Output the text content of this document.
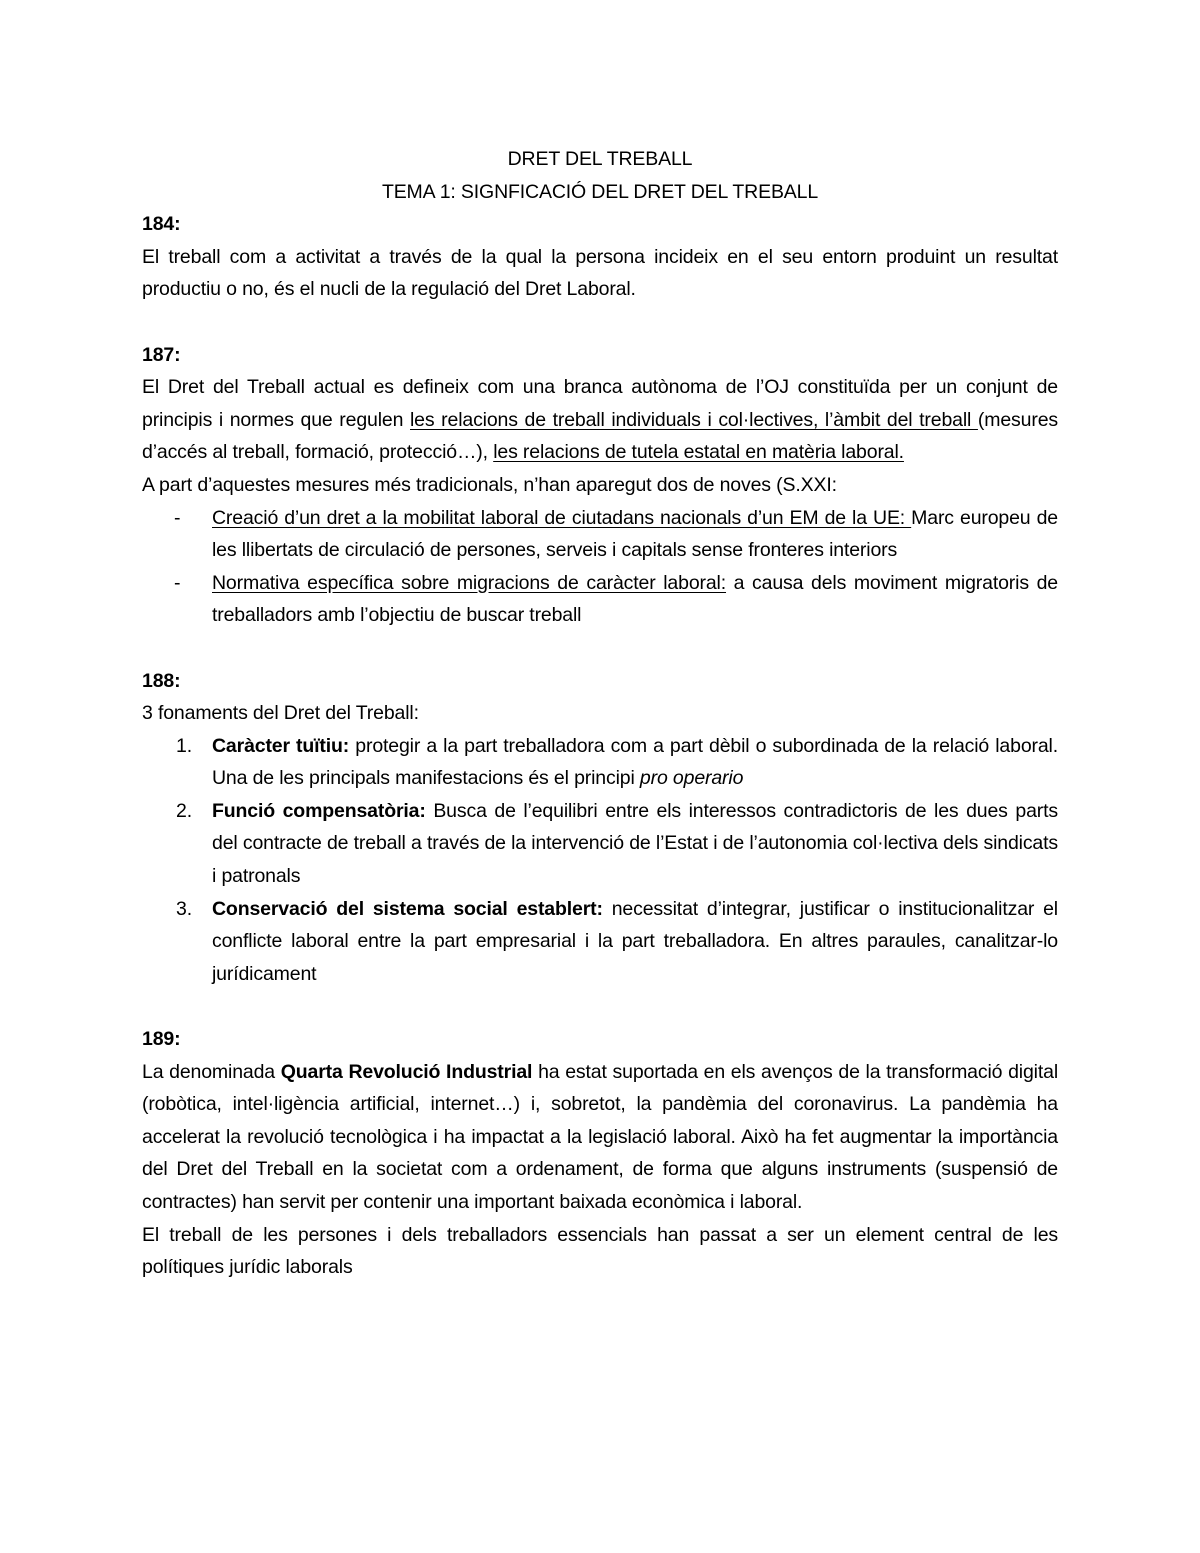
DRET DEL TREBALL
TEMA 1: SIGNFICACIÓ DEL DRET DEL TREBALL
184:
El treball com a activitat a través de la qual la persona incideix en el seu entorn produint un resultat productiu o no, és el nucli de la regulació del Dret Laboral.
187:
El Dret del Treball actual es defineix com una branca autònoma de l’OJ constituïda per un conjunt de principis i normes que regulen les relacions de treball individuals i col·lectives, l’àmbit del treball (mesures d’accés al treball, formació, protecció…), les relacions de tutela estatal en matèria laboral.
A part d’aquestes mesures més tradicionals, n’han aparegut dos de noves (S.XXI:
- Creació d’un dret a la mobilitat laboral de ciutadans nacionals d’un EM de la UE: Marc europeu de les llibertats de circulació de persones, serveis i capitals sense fronteres interiors
- Normativa específica sobre migracions de caràcter laboral: a causa dels moviment migratoris de treballadors amb l’objectiu de buscar treball
188:
3 fonaments del Dret del Treball:
1. Caràcter tuïtiu: protegir a la part treballadora com a part dèbil o subordinada de la relació laboral. Una de les principals manifestacions és el principi pro operario
2. Funció compensatòria: Busca de l’equilibri entre els interessos contradictoris de les dues parts del contracte de treball a través de la intervenció de l’Estat i de l’autonomia col·lectiva dels sindicats i patronals
3. Conservació del sistema social establert: necessitat d’integrar, justificar o institucionalitzar el conflicte laboral entre la part empresarial i la part treballadora. En altres paraules, canalitzar-lo jurídicament
189:
La denominada Quarta Revolució Industrial ha estat suportada en els avenços de la transformació digital (robòtica, intel·ligència artificial, internet…) i, sobretot, la pandèmia del coronavirus. La pandèmia ha accelerat la revolució tecnològica i ha impactat a la legislació laboral. Això ha fet augmentar la importància del Dret del Treball en la societat com a ordenament, de forma que alguns instruments (suspensió de contractes) han servit per contenir una important baixada econòmica i laboral.
El treball de les persones i dels treballadors essencials han passat a ser un element central de les polítiques jurídic laborals
